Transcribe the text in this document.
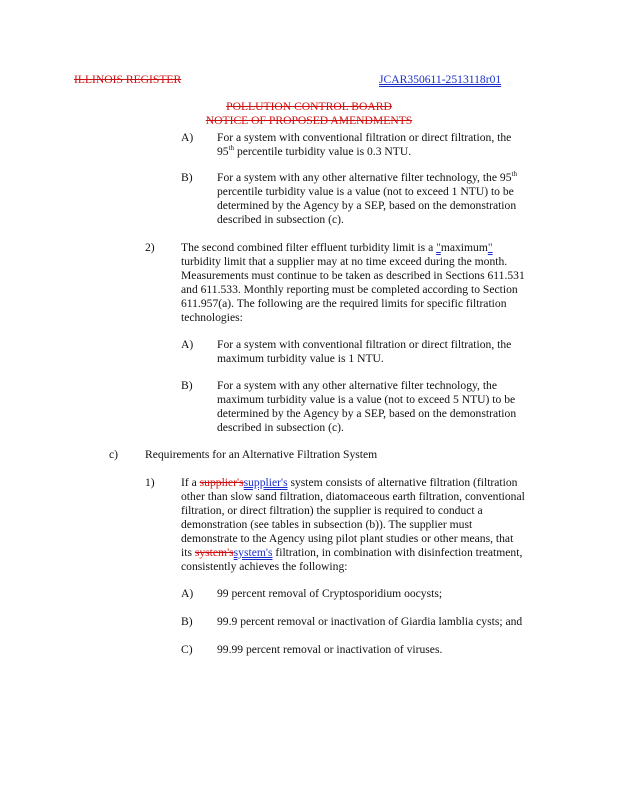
ILLINOIS REGISTER	JCAR350611-2513118r01
POLLUTION CONTROL BOARD
NOTICE OF PROPOSED AMENDMENTS
A) For a system with conventional filtration or direct filtration, the
95th percentile turbidity value is 0.3 NTU.
B) For a system with any other alternative filter technology, the 95th
percentile turbidity value is a value (not to exceed 1 NTU) to be
determined by the Agency by a SEP, based on the demonstration
described in subsection (c).
2) The second combined filter effluent turbidity limit is a "maximum"
turbidity limit that a supplier may at no time exceed during the month.
Measurements must continue to be taken as described in Sections 611.531
and 611.533. Monthly reporting must be completed according to Section
611.957(a). The following are the required limits for specific filtration
technologies:
A) For a system with conventional filtration or direct filtration, the
maximum turbidity value is 1 NTU.
B) For a system with any other alternative filter technology, the
maximum turbidity value is a value (not to exceed 5 NTU) to be
determined by the Agency by a SEP, based on the demonstration
described in subsection (c).
c) Requirements for an Alternative Filtration System
1) If a supplier'ssupplier's system consists of alternative filtration (filtration
other than slow sand filtration, diatomaceous earth filtration, conventional
filtration, or direct filtration) the supplier is required to conduct a
demonstration (see tables in subsection (b)). The supplier must
demonstrate to the Agency using pilot plant studies or other means, that
its system'ssystem's filtration, in combination with disinfection treatment,
consistently achieves the following:
A) 99 percent removal of Cryptosporidium oocysts;
B) 99.9 percent removal or inactivation of Giardia lamblia cysts; and
C) 99.99 percent removal or inactivation of viruses.
